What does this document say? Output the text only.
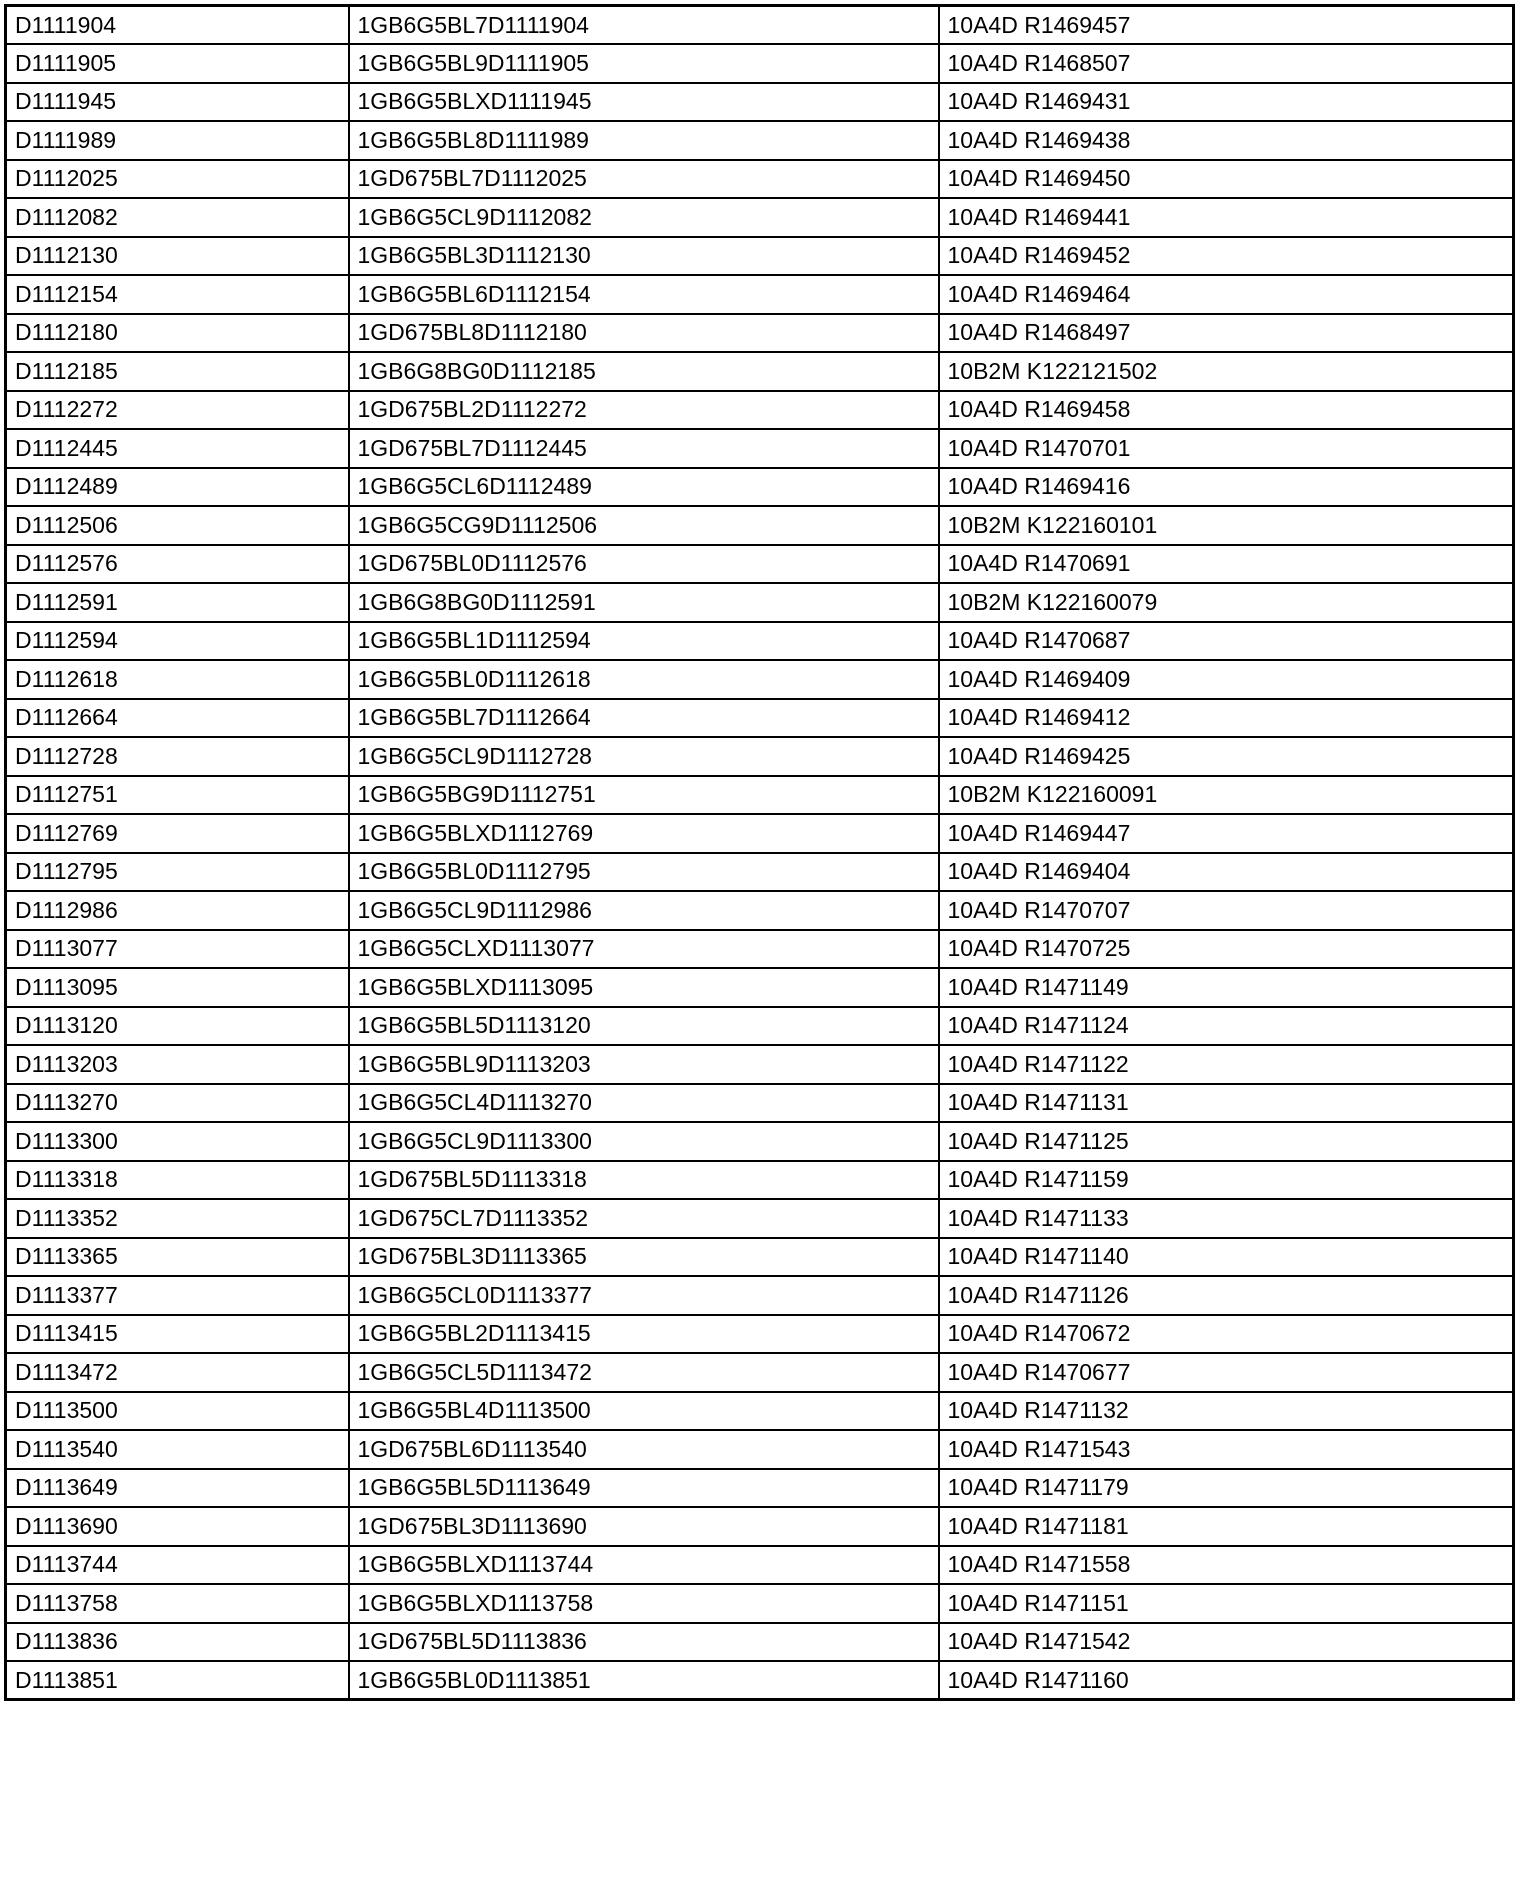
D1111904	1GB6G5BL7D1111904	10A4D R1469457
D1111905	1GB6G5BL9D1111905	10A4D R1468507
D1111945	1GB6G5BLXD1111945	10A4D R1469431
D1111989	1GB6G5BL8D1111989	10A4D R1469438
D1112025	1GD675BL7D1112025	10A4D R1469450
D1112082	1GB6G5CL9D1112082	10A4D R1469441
D1112130	1GB6G5BL3D1112130	10A4D R1469452
D1112154	1GB6G5BL6D1112154	10A4D R1469464
D1112180	1GD675BL8D1112180	10A4D R1468497
D1112185	1GB6G8BG0D1112185	10B2M K122121502
D1112272	1GD675BL2D1112272	10A4D R1469458
D1112445	1GD675BL7D1112445	10A4D R1470701
D1112489	1GB6G5CL6D1112489	10A4D R1469416
D1112506	1GB6G5CG9D1112506	10B2M K122160101
D1112576	1GD675BL0D1112576	10A4D R1470691
D1112591	1GB6G8BG0D1112591	10B2M K122160079
D1112594	1GB6G5BL1D1112594	10A4D R1470687
D1112618	1GB6G5BL0D1112618	10A4D R1469409
D1112664	1GB6G5BL7D1112664	10A4D R1469412
D1112728	1GB6G5CL9D1112728	10A4D R1469425
D1112751	1GB6G5BG9D1112751	10B2M K122160091
D1112769	1GB6G5BLXD1112769	10A4D R1469447
D1112795	1GB6G5BL0D1112795	10A4D R1469404
D1112986	1GB6G5CL9D1112986	10A4D R1470707
D1113077	1GB6G5CLXD1113077	10A4D R1470725
D1113095	1GB6G5BLXD1113095	10A4D R1471149
D1113120	1GB6G5BL5D1113120	10A4D R1471124
D1113203	1GB6G5BL9D1113203	10A4D R1471122
D1113270	1GB6G5CL4D1113270	10A4D R1471131
D1113300	1GB6G5CL9D1113300	10A4D R1471125
D1113318	1GD675BL5D1113318	10A4D R1471159
D1113352	1GD675CL7D1113352	10A4D R1471133
D1113365	1GD675BL3D1113365	10A4D R1471140
D1113377	1GB6G5CL0D1113377	10A4D R1471126
D1113415	1GB6G5BL2D1113415	10A4D R1470672
D1113472	1GB6G5CL5D1113472	10A4D R1470677
D1113500	1GB6G5BL4D1113500	10A4D R1471132
D1113540	1GD675BL6D1113540	10A4D R1471543
D1113649	1GB6G5BL5D1113649	10A4D R1471179
D1113690	1GD675BL3D1113690	10A4D R1471181
D1113744	1GB6G5BLXD1113744	10A4D R1471558
D1113758	1GB6G5BLXD1113758	10A4D R1471151
D1113836	1GD675BL5D1113836	10A4D R1471542
D1113851	1GB6G5BL0D1113851	10A4D R1471160
